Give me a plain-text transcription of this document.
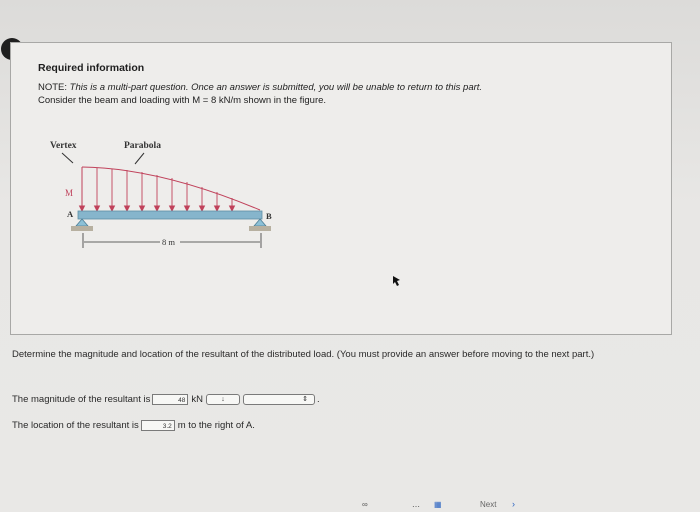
Required information
NOTE: This is a multi-part question. Once an answer is submitted, you will be unable to return to this part.
Consider the beam and loading with M = 8 kN/m shown in the figure.
Vertex	Parabola
M
A	B
8 m
Determine the magnitude and location of the resultant of the distributed load. (You must provide an answer before moving to the next part.)
The magnitude of the resultant is	48 kN	↓	⇕ .
The location of the resultant is	3.2 m to the right of A.
∞	⋯ ▦	Next ›
